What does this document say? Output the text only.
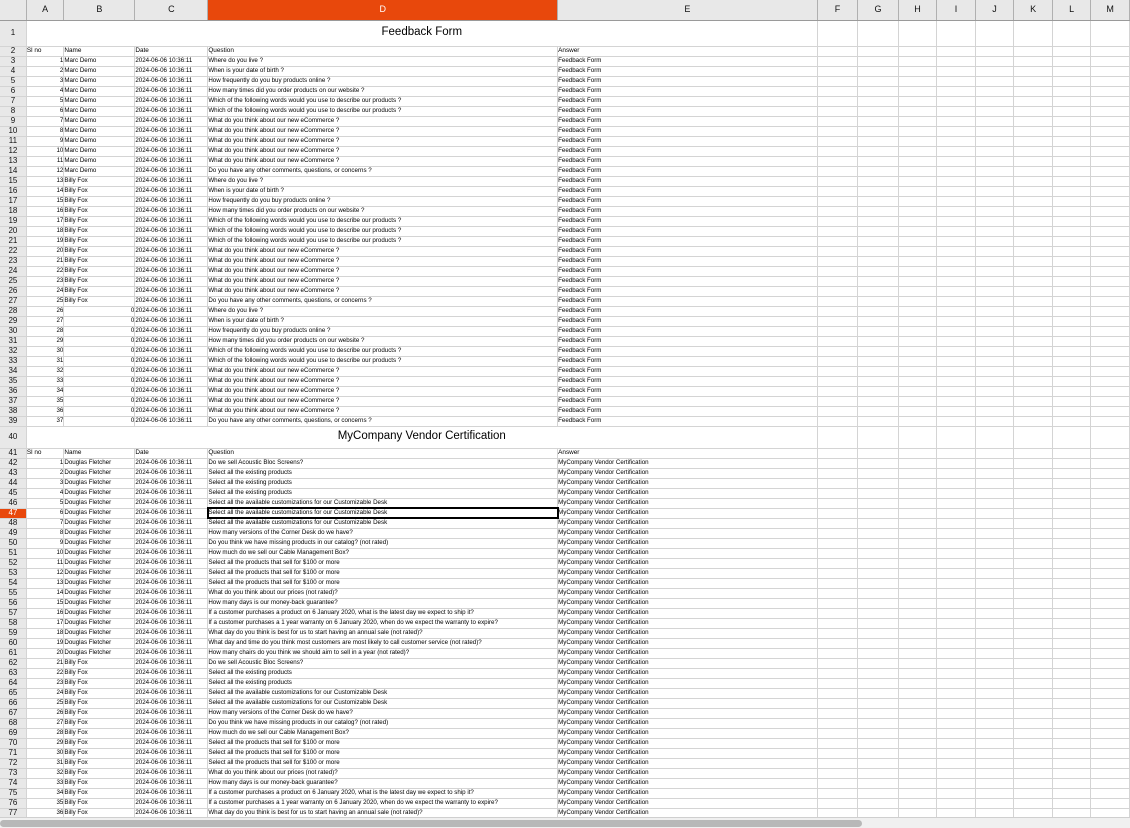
	A	B	C	D	E	F	G	H	I	J	K	L	M
1	Feedback Form												
2	Sl no	Name	Date	Question	Answer								
3	1	Marc Demo	2024-06-06 10:36:11	Where do you live ?	Feedback Form								
4	2	Marc Demo	2024-06-06 10:36:11	When is your date of birth ?	Feedback Form								
5	3	Marc Demo	2024-06-06 10:36:11	How frequently do you buy products online ?	Feedback Form								
6	4	Marc Demo	2024-06-06 10:36:11	How many times did you order products on our website ?	Feedback Form								
7	5	Marc Demo	2024-06-06 10:36:11	Which of the following words would you use to describe our products ?	Feedback Form								
8	6	Marc Demo	2024-06-06 10:36:11	Which of the following words would you use to describe our products ?	Feedback Form								
9	7	Marc Demo	2024-06-06 10:36:11	What do you think about our new eCommerce ?	Feedback Form								
10	8	Marc Demo	2024-06-06 10:36:11	What do you think about our new eCommerce ?	Feedback Form								
11	9	Marc Demo	2024-06-06 10:36:11	What do you think about our new eCommerce ?	Feedback Form								
12	10	Marc Demo	2024-06-06 10:36:11	What do you think about our new eCommerce ?	Feedback Form								
13	11	Marc Demo	2024-06-06 10:36:11	What do you think about our new eCommerce ?	Feedback Form								
14	12	Marc Demo	2024-06-06 10:36:11	Do you have any other comments, questions, or concerns ?	Feedback Form								
15	13	Billy Fox	2024-06-06 10:36:11	Where do you live ?	Feedback Form								
16	14	Billy Fox	2024-06-06 10:36:11	When is your date of birth ?	Feedback Form								
17	15	Billy Fox	2024-06-06 10:36:11	How frequently do you buy products online ?	Feedback Form								
18	16	Billy Fox	2024-06-06 10:36:11	How many times did you order products on our website ?	Feedback Form								
19	17	Billy Fox	2024-06-06 10:36:11	Which of the following words would you use to describe our products ?	Feedback Form								
20	18	Billy Fox	2024-06-06 10:36:11	Which of the following words would you use to describe our products ?	Feedback Form								
21	19	Billy Fox	2024-06-06 10:36:11	Which of the following words would you use to describe our products ?	Feedback Form								
22	20	Billy Fox	2024-06-06 10:36:11	What do you think about our new eCommerce ?	Feedback Form								
23	21	Billy Fox	2024-06-06 10:36:11	What do you think about our new eCommerce ?	Feedback Form								
24	22	Billy Fox	2024-06-06 10:36:11	What do you think about our new eCommerce ?	Feedback Form								
25	23	Billy Fox	2024-06-06 10:36:11	What do you think about our new eCommerce ?	Feedback Form								
26	24	Billy Fox	2024-06-06 10:36:11	What do you think about our new eCommerce ?	Feedback Form								
27	25	Billy Fox	2024-06-06 10:36:11	Do you have any other comments, questions, or concerns ?	Feedback Form								
28	26	0	2024-06-06 10:36:11	Where do you live ?	Feedback Form								
29	27	0	2024-06-06 10:36:11	When is your date of birth ?	Feedback Form								
30	28	0	2024-06-06 10:36:11	How frequently do you buy products online ?	Feedback Form								
31	29	0	2024-06-06 10:36:11	How many times did you order products on our website ?	Feedback Form								
32	30	0	2024-06-06 10:36:11	Which of the following words would you use to describe our products ?	Feedback Form								
33	31	0	2024-06-06 10:36:11	Which of the following words would you use to describe our products ?	Feedback Form								
34	32	0	2024-06-06 10:36:11	What do you think about our new eCommerce ?	Feedback Form								
35	33	0	2024-06-06 10:36:11	What do you think about our new eCommerce ?	Feedback Form								
36	34	0	2024-06-06 10:36:11	What do you think about our new eCommerce ?	Feedback Form								
37	35	0	2024-06-06 10:36:11	What do you think about our new eCommerce ?	Feedback Form								
38	36	0	2024-06-06 10:36:11	What do you think about our new eCommerce ?	Feedback Form								
39	37	0	2024-06-06 10:36:11	Do you have any other comments, questions, or concerns ?	Feedback Form								
40	MyCompany Vendor Certification												
41	Sl no	Name	Date	Question	Answer								
42	1	Douglas Fletcher	2024-06-06 10:36:11	Do we sell Acoustic Bloc Screens?	MyCompany Vendor Certification								
43	2	Douglas Fletcher	2024-06-06 10:36:11	Select all the existing products	MyCompany Vendor Certification								
44	3	Douglas Fletcher	2024-06-06 10:36:11	Select all the existing products	MyCompany Vendor Certification								
45	4	Douglas Fletcher	2024-06-06 10:36:11	Select all the existing products	MyCompany Vendor Certification								
46	5	Douglas Fletcher	2024-06-06 10:36:11	Select all the available customizations for our Customizable Desk	MyCompany Vendor Certification								
47	6	Douglas Fletcher	2024-06-06 10:36:11	Select all the available customizations for our Customizable Desk	MyCompany Vendor Certification								
48	7	Douglas Fletcher	2024-06-06 10:36:11	Select all the available customizations for our Customizable Desk	MyCompany Vendor Certification								
49	8	Douglas Fletcher	2024-06-06 10:36:11	How many versions of the Corner Desk do we have?	MyCompany Vendor Certification								
50	9	Douglas Fletcher	2024-06-06 10:36:11	Do you think we have missing products in our catalog? (not rated)	MyCompany Vendor Certification								
51	10	Douglas Fletcher	2024-06-06 10:36:11	How much do we sell our Cable Management Box?	MyCompany Vendor Certification								
52	11	Douglas Fletcher	2024-06-06 10:36:11	Select all the products that sell for $100 or more	MyCompany Vendor Certification								
53	12	Douglas Fletcher	2024-06-06 10:36:11	Select all the products that sell for $100 or more	MyCompany Vendor Certification								
54	13	Douglas Fletcher	2024-06-06 10:36:11	Select all the products that sell for $100 or more	MyCompany Vendor Certification								
55	14	Douglas Fletcher	2024-06-06 10:36:11	What do you think about our prices (not rated)?	MyCompany Vendor Certification								
56	15	Douglas Fletcher	2024-06-06 10:36:11	How many days is our money-back guarantee?	MyCompany Vendor Certification								
57	16	Douglas Fletcher	2024-06-06 10:36:11	If a customer purchases a product on 6 January 2020, what is the latest day we expect to ship it?	MyCompany Vendor Certification								
58	17	Douglas Fletcher	2024-06-06 10:36:11	If a customer purchases a 1 year warranty on 6 January 2020, when do we expect the warranty to expire?	MyCompany Vendor Certification								
59	18	Douglas Fletcher	2024-06-06 10:36:11	What day do you think is best for us to start having an annual sale (not rated)?	MyCompany Vendor Certification								
60	19	Douglas Fletcher	2024-06-06 10:36:11	What day and time do you think most customers are most likely to call customer service (not rated)?	MyCompany Vendor Certification								
61	20	Douglas Fletcher	2024-06-06 10:36:11	How many chairs do you think we should aim to sell in a year (not rated)?	MyCompany Vendor Certification								
62	21	Billy Fox	2024-06-06 10:36:11	Do we sell Acoustic Bloc Screens?	MyCompany Vendor Certification								
63	22	Billy Fox	2024-06-06 10:36:11	Select all the existing products	MyCompany Vendor Certification								
64	23	Billy Fox	2024-06-06 10:36:11	Select all the existing products	MyCompany Vendor Certification								
65	24	Billy Fox	2024-06-06 10:36:11	Select all the available customizations for our Customizable Desk	MyCompany Vendor Certification								
66	25	Billy Fox	2024-06-06 10:36:11	Select all the available customizations for our Customizable Desk	MyCompany Vendor Certification								
67	26	Billy Fox	2024-06-06 10:36:11	How many versions of the Corner Desk do we have?	MyCompany Vendor Certification								
68	27	Billy Fox	2024-06-06 10:36:11	Do you think we have missing products in our catalog? (not rated)	MyCompany Vendor Certification								
69	28	Billy Fox	2024-06-06 10:36:11	How much do we sell our Cable Management Box?	MyCompany Vendor Certification								
70	29	Billy Fox	2024-06-06 10:36:11	Select all the products that sell for $100 or more	MyCompany Vendor Certification								
71	30	Billy Fox	2024-06-06 10:36:11	Select all the products that sell for $100 or more	MyCompany Vendor Certification								
72	31	Billy Fox	2024-06-06 10:36:11	Select all the products that sell for $100 or more	MyCompany Vendor Certification								
73	32	Billy Fox	2024-06-06 10:36:11	What do you think about our prices (not rated)?	MyCompany Vendor Certification								
74	33	Billy Fox	2024-06-06 10:36:11	How many days is our money-back guarantee?	MyCompany Vendor Certification								
75	34	Billy Fox	2024-06-06 10:36:11	If a customer purchases a product on 6 January 2020, what is the latest day we expect to ship it?	MyCompany Vendor Certification								
76	35	Billy Fox	2024-06-06 10:36:11	If a customer purchases a 1 year warranty on 6 January 2020, when do we expect the warranty to expire?	MyCompany Vendor Certification								
77	36	Billy Fox	2024-06-06 10:36:11	What day do you think is best for us to start having an annual sale (not rated)?	MyCompany Vendor Certification								
